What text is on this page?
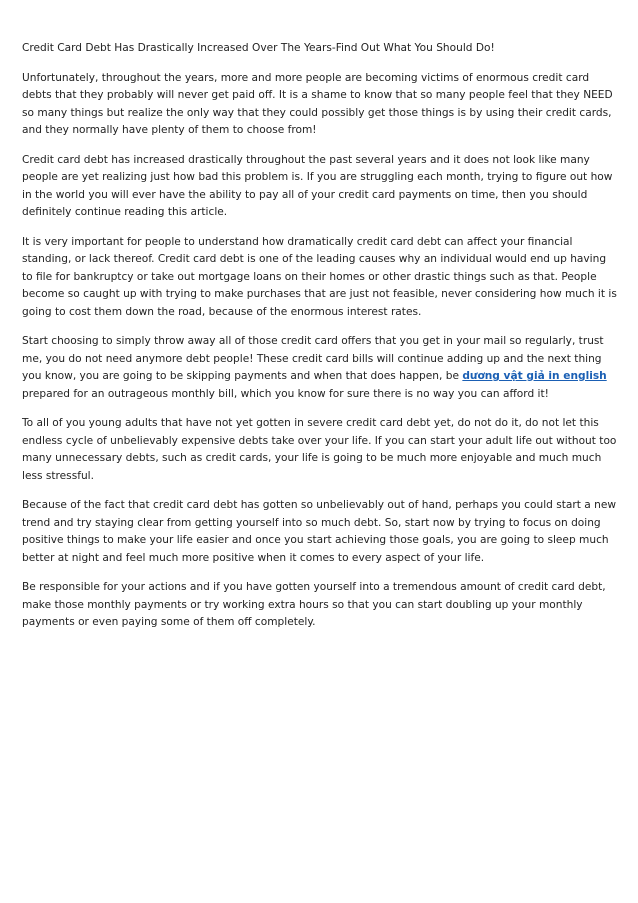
Credit Card Debt Has Drastically Increased Over The Years-Find Out What You Should Do!

Unfortunately, throughout the years, more and more people are becoming victims of enormous credit card debts that they probably will never get paid off. It is a shame to know that so many people feel that they NEED so many things but realize the only way that they could possibly get those things is by using their credit cards, and they normally have plenty of them to choose from!

Credit card debt has increased drastically throughout the past several years and it does not look like many people are yet realizing just how bad this problem is. If you are struggling each month, trying to figure out how in the world you will ever have the ability to pay all of your credit card payments on time, then you should definitely continue reading this article.

It is very important for people to understand how dramatically credit card debt can affect your financial standing, or lack thereof. Credit card debt is one of the leading causes why an individual would end up having to file for bankruptcy or take out mortgage loans on their homes or other drastic things such as that. People become so caught up with trying to make purchases that are just not feasible, never considering how much it is going to cost them down the road, because of the enormous interest rates.

Start choosing to simply throw away all of those credit card offers that you get in your mail so regularly, trust me, you do not need anymore debt people! These credit card bills will continue adding up and the next thing you know, you are going to be skipping payments and when that does happen, be dương vật giả in english prepared for an outrageous monthly bill, which you know for sure there is no way you can afford it!

To all of you young adults that have not yet gotten in severe credit card debt yet, do not do it, do not let this endless cycle of unbelievably expensive debts take over your life. If you can start your adult life out without too many unnecessary debts, such as credit cards, your life is going to be much more enjoyable and much much less stressful.

Because of the fact that credit card debt has gotten so unbelievably out of hand, perhaps you could start a new trend and try staying clear from getting yourself into so much debt. So, start now by trying to focus on doing positive things to make your life easier and once you start achieving those goals, you are going to sleep much better at night and feel much more positive when it comes to every aspect of your life.

Be responsible for your actions and if you have gotten yourself into a tremendous amount of credit card debt, make those monthly payments or try working extra hours so that you can start doubling up your monthly payments or even paying some of them off completely.
